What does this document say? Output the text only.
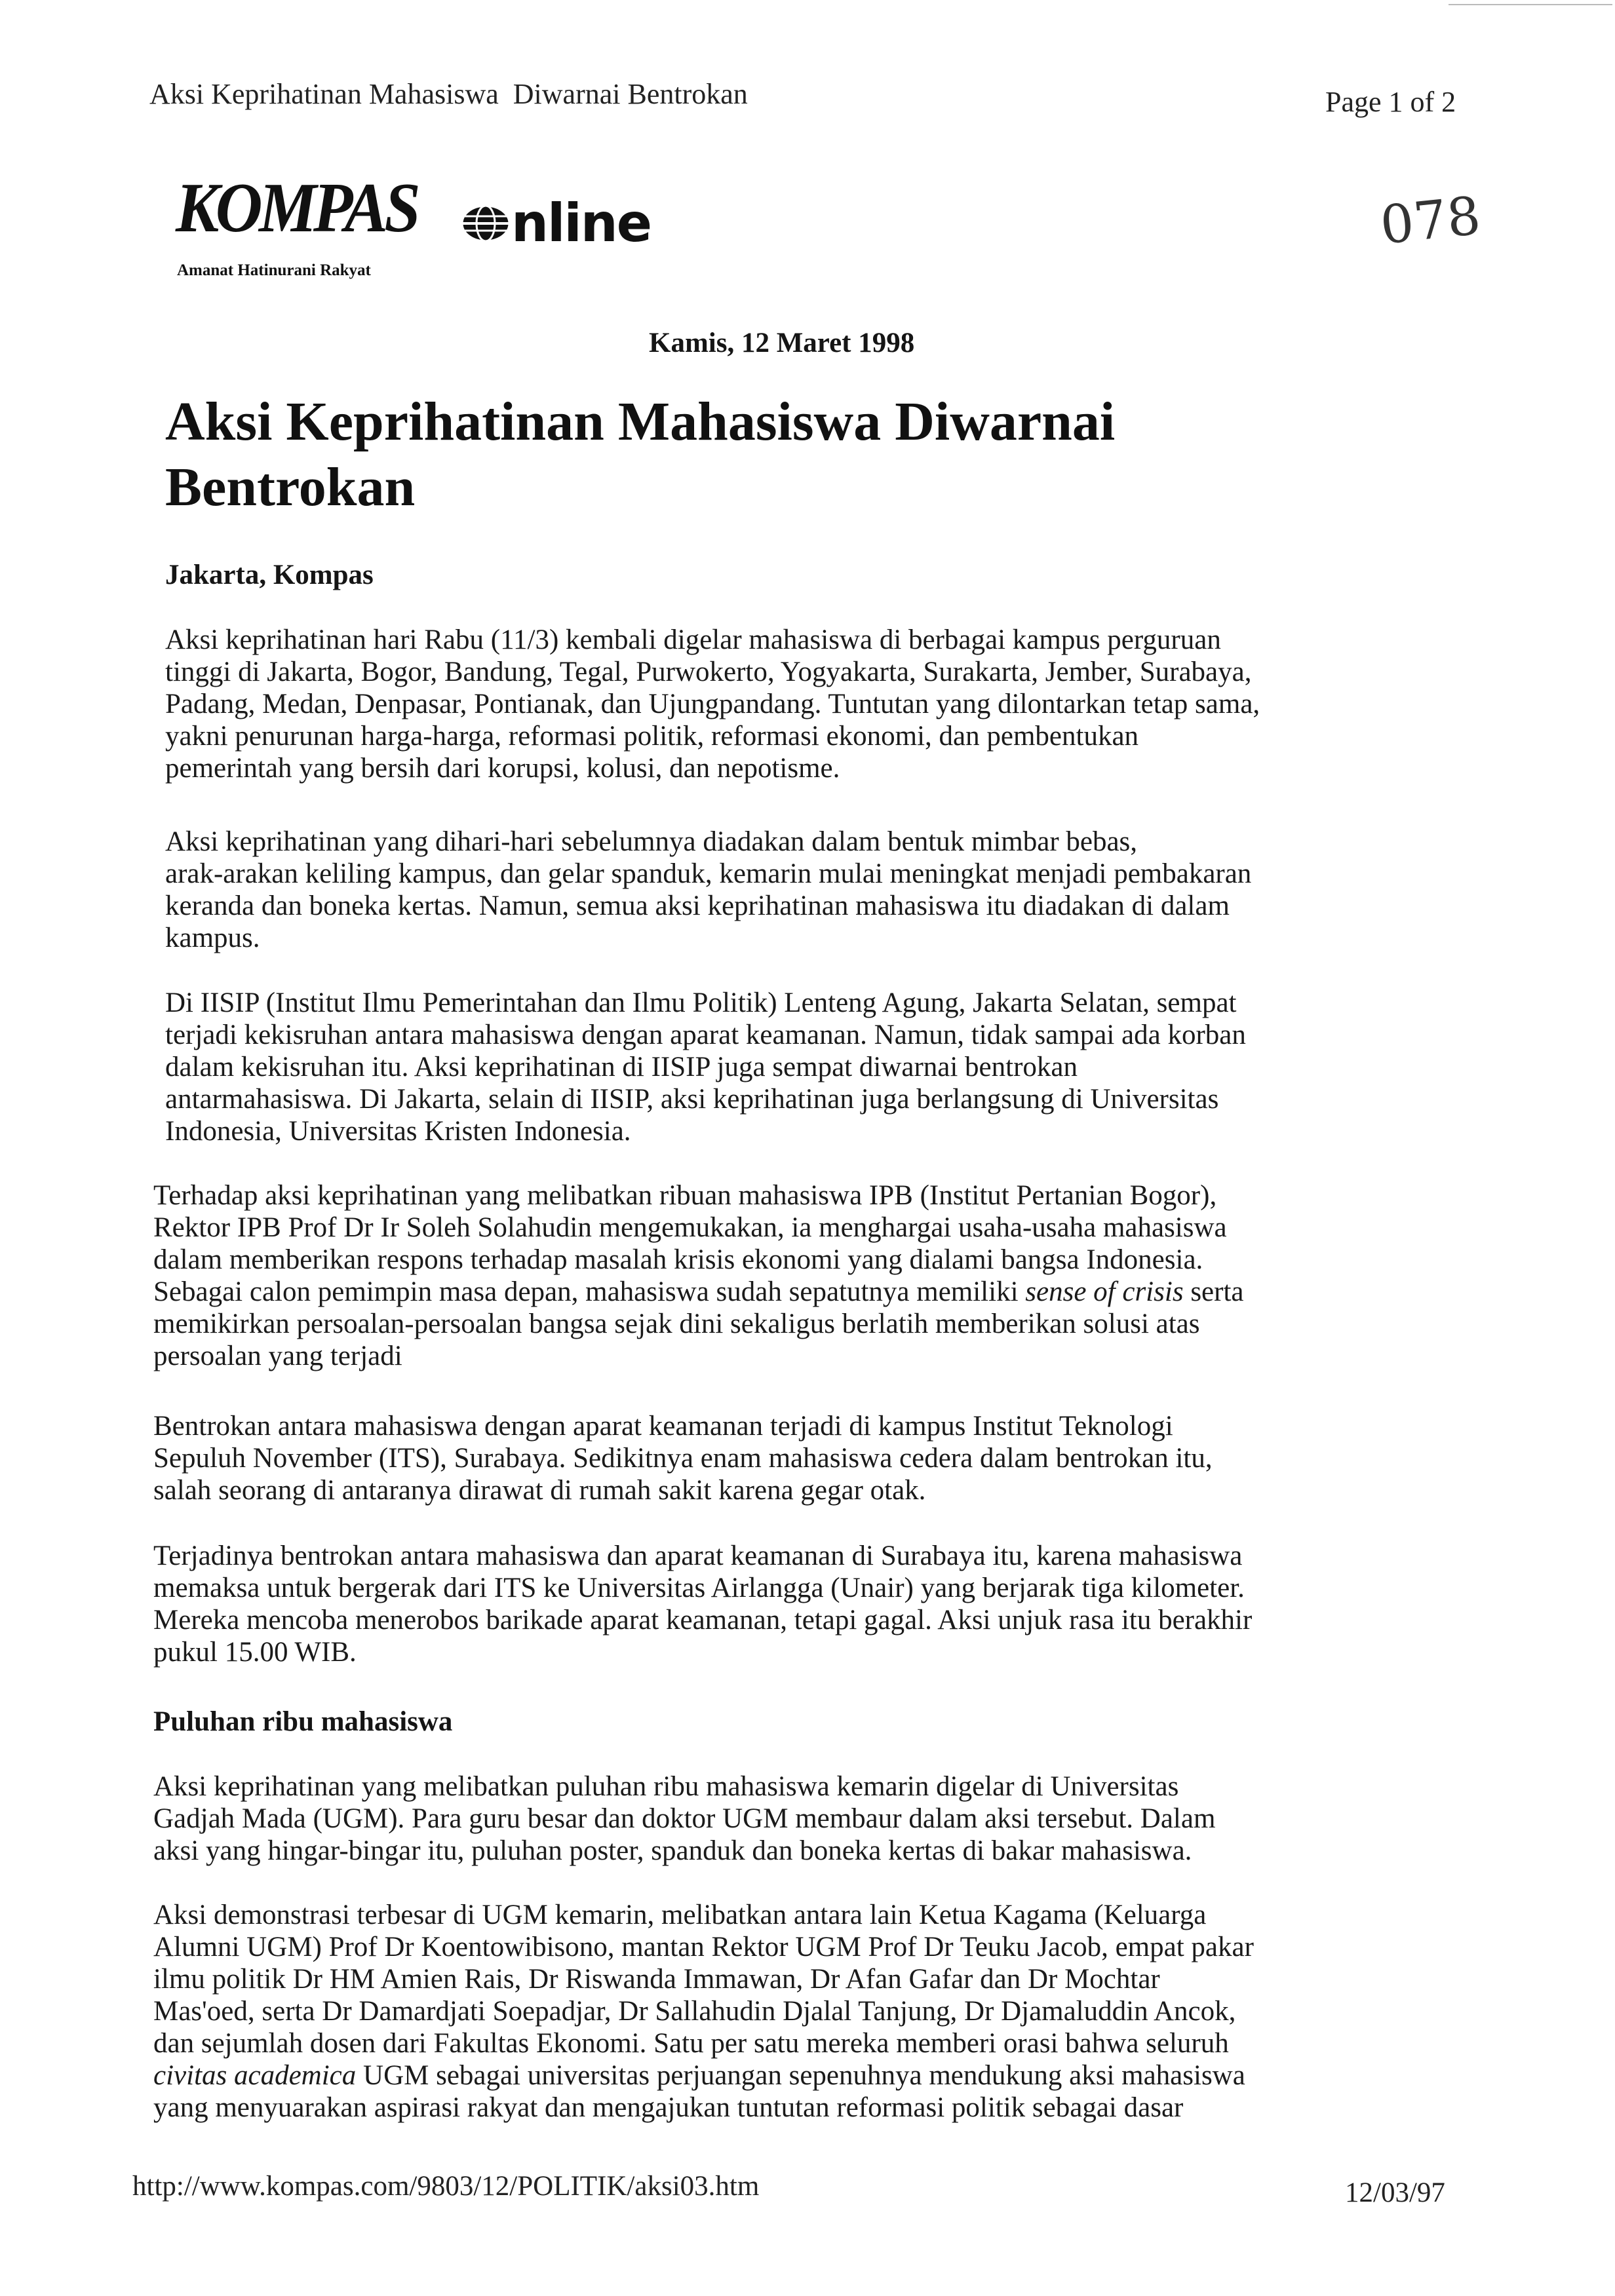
Aksi Keprihatinan Mahasiswa  Diwarnai Bentrokan	Page 1 of 2
KOMPAS nline
Amanat Hatinurani Rakyat
078
Kamis, 12 Maret 1998
Aksi Keprihatinan Mahasiswa Diwarnai
Bentrokan
Jakarta, Kompas
Aksi keprihatinan hari Rabu (11/3) kembali digelar mahasiswa di berbagai kampus perguruan
tinggi di Jakarta, Bogor, Bandung, Tegal, Purwokerto, Yogyakarta, Surakarta, Jember, Surabaya,
Padang, Medan, Denpasar, Pontianak, dan Ujungpandang. Tuntutan yang dilontarkan tetap sama,
yakni penurunan harga-harga, reformasi politik, reformasi ekonomi, dan pembentukan
pemerintah yang bersih dari korupsi, kolusi, dan nepotisme.
Aksi keprihatinan yang dihari-hari sebelumnya diadakan dalam bentuk mimbar bebas,
arak-arakan keliling kampus, dan gelar spanduk, kemarin mulai meningkat menjadi pembakaran
keranda dan boneka kertas. Namun, semua aksi keprihatinan mahasiswa itu diadakan di dalam
kampus.
Di IISIP (Institut Ilmu Pemerintahan dan Ilmu Politik) Lenteng Agung, Jakarta Selatan, sempat
terjadi kekisruhan antara mahasiswa dengan aparat keamanan. Namun, tidak sampai ada korban
dalam kekisruhan itu. Aksi keprihatinan di IISIP juga sempat diwarnai bentrokan
antarmahasiswa. Di Jakarta, selain di IISIP, aksi keprihatinan juga berlangsung di Universitas
Indonesia, Universitas Kristen Indonesia.
Terhadap aksi keprihatinan yang melibatkan ribuan mahasiswa IPB (Institut Pertanian Bogor),
Rektor IPB Prof Dr Ir Soleh Solahudin mengemukakan, ia menghargai usaha-usaha mahasiswa
dalam memberikan respons terhadap masalah krisis ekonomi yang dialami bangsa Indonesia.
Sebagai calon pemimpin masa depan, mahasiswa sudah sepatutnya memiliki sense of crisis serta
memikirkan persoalan-persoalan bangsa sejak dini sekaligus berlatih memberikan solusi atas
persoalan yang terjadi
Bentrokan antara mahasiswa dengan aparat keamanan terjadi di kampus Institut Teknologi
Sepuluh November (ITS), Surabaya. Sedikitnya enam mahasiswa cedera dalam bentrokan itu,
salah seorang di antaranya dirawat di rumah sakit karena gegar otak.
Terjadinya bentrokan antara mahasiswa dan aparat keamanan di Surabaya itu, karena mahasiswa
memaksa untuk bergerak dari ITS ke Universitas Airlangga (Unair) yang berjarak tiga kilometer.
Mereka mencoba menerobos barikade aparat keamanan, tetapi gagal. Aksi unjuk rasa itu berakhir
pukul 15.00 WIB.
Puluhan ribu mahasiswa
Aksi keprihatinan yang melibatkan puluhan ribu mahasiswa kemarin digelar di Universitas
Gadjah Mada (UGM). Para guru besar dan doktor UGM membaur dalam aksi tersebut. Dalam
aksi yang hingar-bingar itu, puluhan poster, spanduk dan boneka kertas di bakar mahasiswa.
Aksi demonstrasi terbesar di UGM kemarin, melibatkan antara lain Ketua Kagama (Keluarga
Alumni UGM) Prof Dr Koentowibisono, mantan Rektor UGM Prof Dr Teuku Jacob, empat pakar
ilmu politik Dr HM Amien Rais, Dr Riswanda Immawan, Dr Afan Gafar dan Dr Mochtar
Mas'oed, serta Dr Damardjati Soepadjar, Dr Sallahudin Djalal Tanjung, Dr Djamaluddin Ancok,
dan sejumlah dosen dari Fakultas Ekonomi. Satu per satu mereka memberi orasi bahwa seluruh
civitas academica UGM sebagai universitas perjuangan sepenuhnya mendukung aksi mahasiswa
yang menyuarakan aspirasi rakyat dan mengajukan tuntutan reformasi politik sebagai dasar
http://www.kompas.com/9803/12/POLITIK/aksi03.htm	12/03/97
